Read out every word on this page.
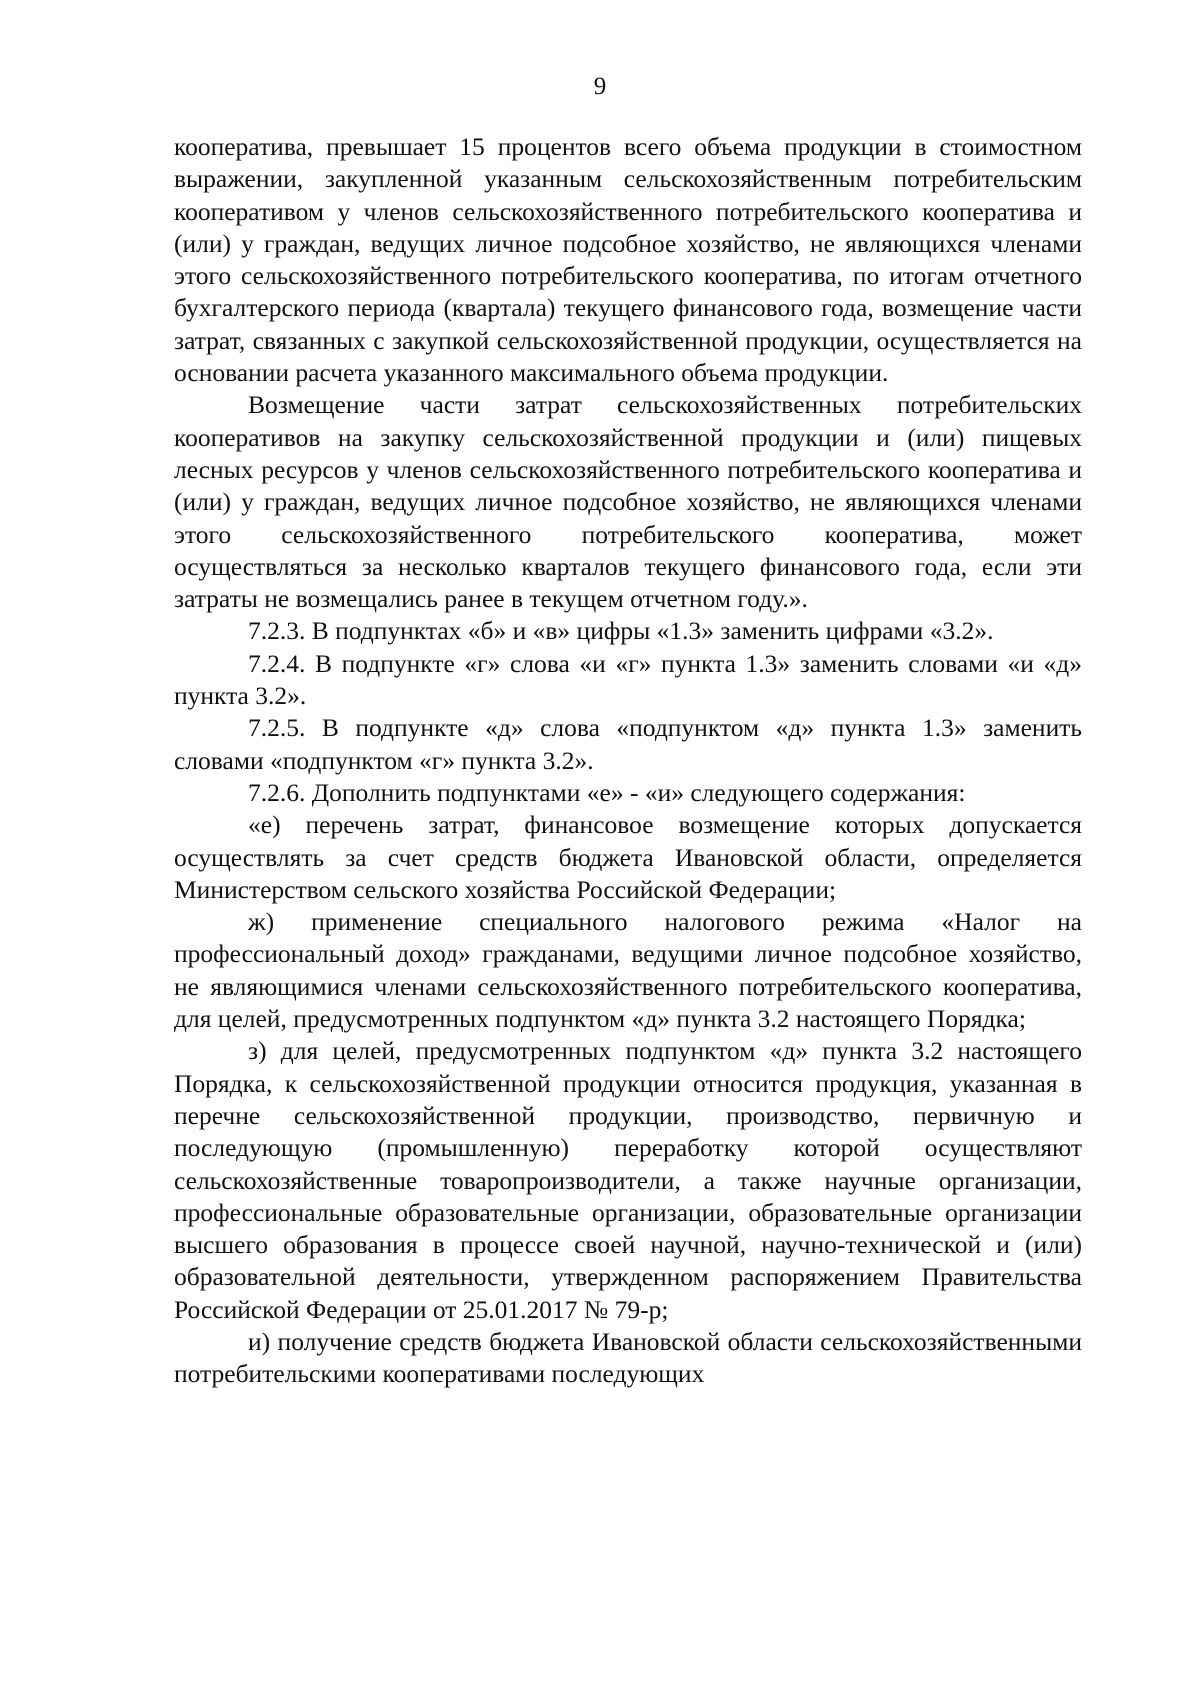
9

кооператива, превышает 15 процентов всего объема продукции в стоимостном выражении, закупленной указанным сельскохозяйственным потребительским кооперативом у членов сельскохозяйственного потребительского кооператива и (или) у граждан, ведущих личное подсобное хозяйство, не являющихся членами этого сельскохозяйственного потребительского кооператива, по итогам отчетного бухгалтерского периода (квартала) текущего финансового года, возмещение части затрат, связанных с закупкой сельскохозяйственной продукции, осуществляется на основании расчета указанного максимального объема продукции.

Возмещение части затрат сельскохозяйственных потребительских кооперативов на закупку сельскохозяйственной продукции и (или) пищевых лесных ресурсов у членов сельскохозяйственного потребительского кооператива и (или) у граждан, ведущих личное подсобное хозяйство, не являющихся членами этого сельскохозяйственного потребительского кооператива, может осуществляться за несколько кварталов текущего финансового года, если эти затраты не возмещались ранее в текущем отчетном году.».

7.2.3. В подпунктах «б» и «в» цифры «1.3» заменить цифрами «3.2».

7.2.4. В подпункте «г» слова «и «г» пункта 1.3» заменить словами «и «д» пункта 3.2».

7.2.5. В подпункте «д» слова «подпунктом «д» пункта 1.3» заменить словами «подпунктом «г» пункта 3.2».

7.2.6. Дополнить подпунктами «е» - «и» следующего содержания:

«е) перечень затрат, финансовое возмещение которых допускается осуществлять за счет средств бюджета Ивановской области, определяется Министерством сельского хозяйства Российской Федерации;

ж) применение специального налогового режима «Налог на профессиональный доход» гражданами, ведущими личное подсобное хозяйство, не являющимися членами сельскохозяйственного потребительского кооператива, для целей, предусмотренных подпунктом «д» пункта 3.2 настоящего Порядка;

з) для целей, предусмотренных подпунктом «д» пункта 3.2 настоящего Порядка, к сельскохозяйственной продукции относится продукция, указанная в перечне сельскохозяйственной продукции, производство, первичную и последующую (промышленную) переработку которой осуществляют сельскохозяйственные товаропроизводители, а также научные организации, профессиональные образовательные организации, образовательные организации высшего образования в процессе своей научной, научно-технической и (или) образовательной деятельности, утвержденном распоряжением Правительства Российской Федерации от 25.01.2017 № 79-р;

и) получение средств бюджета Ивановской области сельскохозяйственными потребительскими кооперативами последующих
